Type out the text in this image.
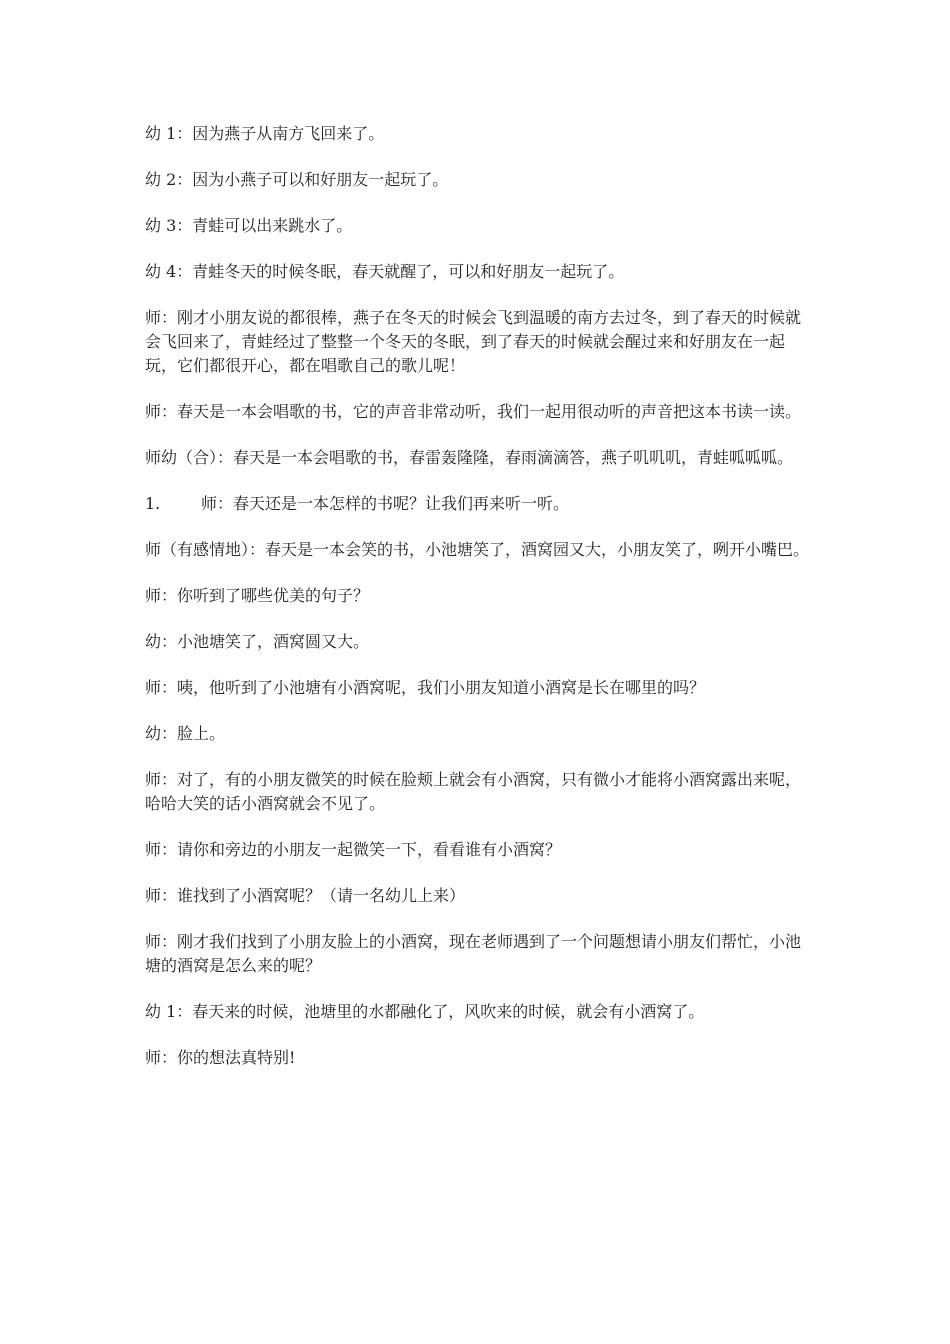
幼 1：因为燕子从南方飞回来了。

幼 2：因为小燕子可以和好朋友一起玩了。

幼 3：青蛙可以出来跳水了。

幼 4：青蛙冬天的时候冬眠，春天就醒了，可以和好朋友一起玩了。

师：刚才小朋友说的都很棒，燕子在冬天的时候会飞到温暖的南方去过冬，到了春天的时候就会飞回来了，青蛙经过了整整一个冬天的冬眠，到了春天的时候就会醒过来和好朋友在一起玩，它们都很开心，都在唱歌自己的歌儿呢！

师：春天是一本会唱歌的书，它的声音非常动听，我们一起用很动听的声音把这本书读一读。

师幼（合）：春天是一本会唱歌的书，春雷轰隆隆，春雨滴滴答，燕子叽叽叽，青蛙呱呱呱。

1.	师：春天还是一本怎样的书呢？让我们再来听一听。

师（有感情地）：春天是一本会笑的书，小池塘笑了，酒窝园又大，小朋友笑了，咧开小嘴巴。

师：你听到了哪些优美的句子？

幼：小池塘笑了，酒窝圆又大。

师：咦，他听到了小池塘有小酒窝呢，我们小朋友知道小酒窝是长在哪里的吗？

幼：脸上。

师：对了，有的小朋友微笑的时候在脸颊上就会有小酒窝，只有微小才能将小酒窝露出来呢，哈哈大笑的话小酒窝就会不见了。

师：请你和旁边的小朋友一起微笑一下，看看谁有小酒窝？

师：谁找到了小酒窝呢？（请一名幼儿上来）

师：刚才我们找到了小朋友脸上的小酒窝，现在老师遇到了一个问题想请小朋友们帮忙，小池塘的酒窝是怎么来的呢？

幼 1：春天来的时候，池塘里的水都融化了，风吹来的时候，就会有小酒窝了。

师：你的想法真特别!
